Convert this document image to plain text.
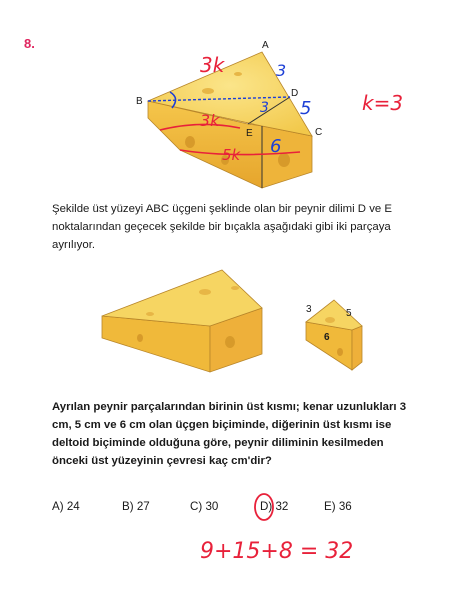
8.	A
B
C
D
E
3k	3
5
3
3k
6
5k
k=3
Şekilde üst yüzeyi ABC üçgeni şeklinde olan bir peynir dilimi D ve E noktalarından geçecek şekilde bir bıçakla aşağıdaki gibi iki parçaya ayrılıyor.
3	5
6
Ayrılan peynir parçalarından birinin üst kısmı; kenar uzunlukları 3 cm, 5 cm ve 6 cm olan üçgen biçiminde, diğerinin üst kısmı ise deltoid biçiminde olduğuna göre, peynir diliminin kesilmeden önceki üst yüzeyinin çevresi kaç cm'dir?
A) 24	B) 27	C) 30	D) 32	E) 36
9+15+8 = 32
